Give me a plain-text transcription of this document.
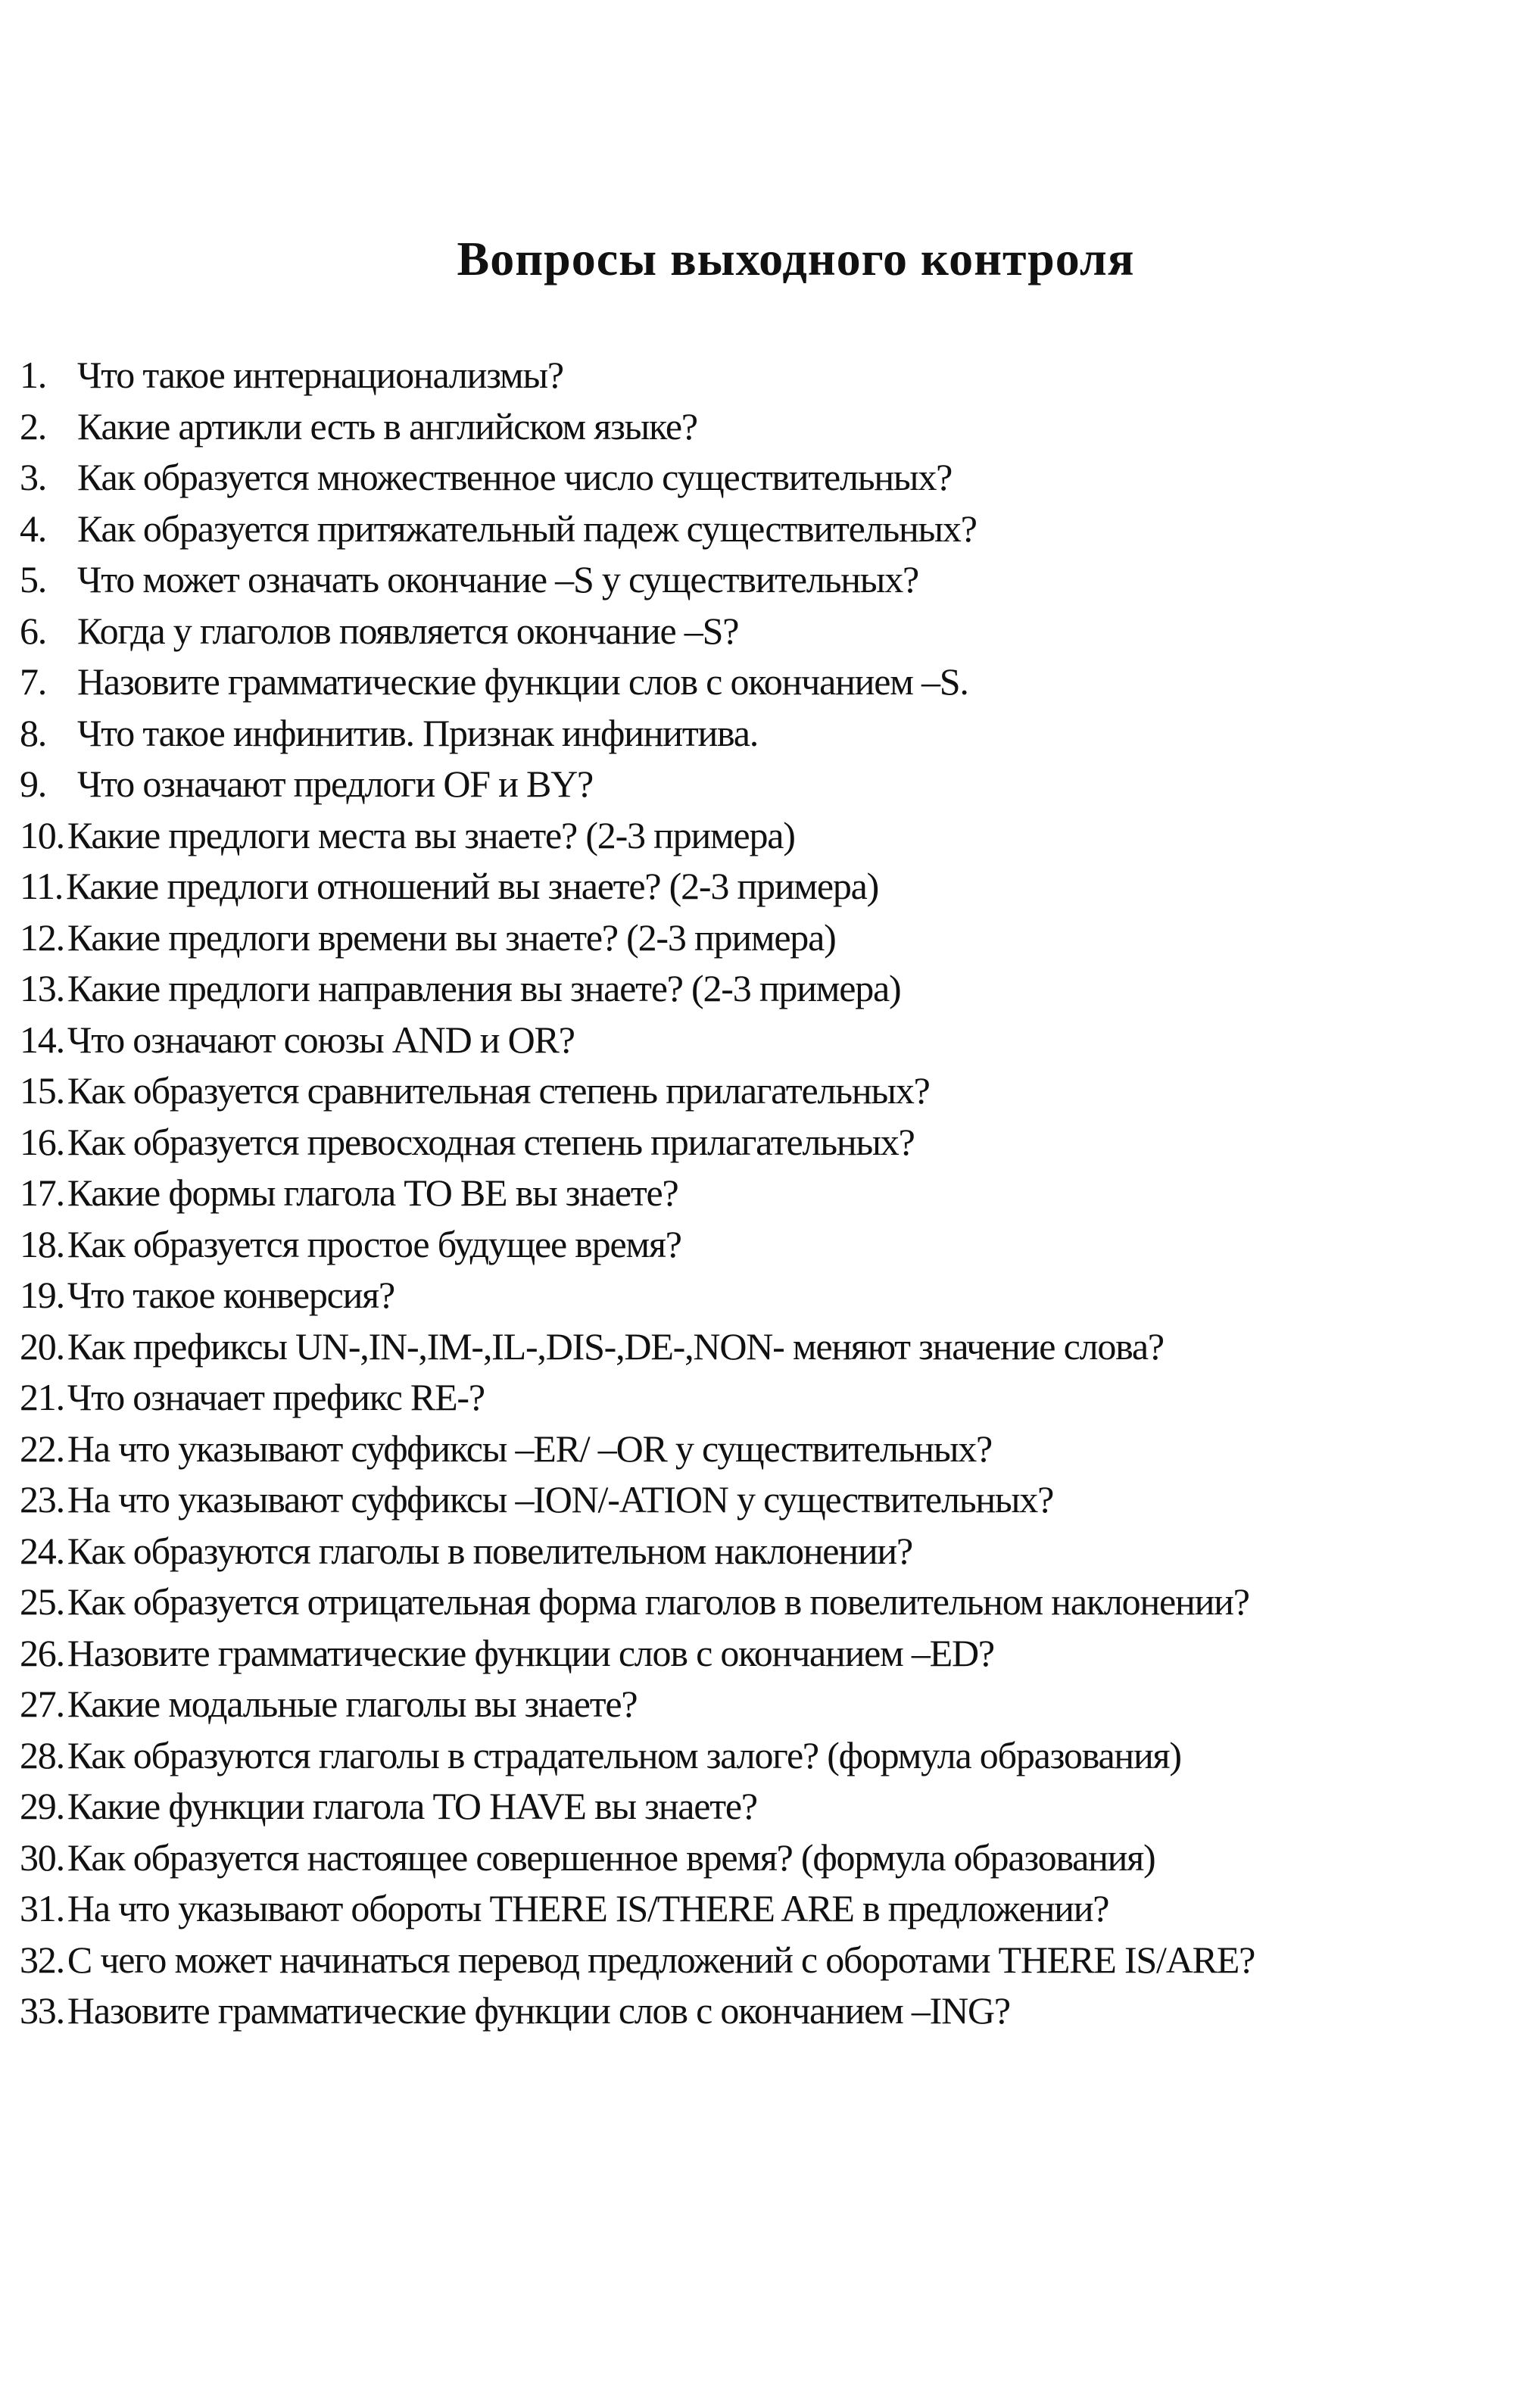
Вопросы выходного контроля
1. Что такое интернационализмы?
2. Какие артикли есть в английском языке?
3. Как образуется множественное число существительных?
4. Как образуется притяжательный падеж существительных?
5. Что может означать окончание –S у существительных?
6. Когда у глаголов появляется окончание –S?
7. Назовите грамматические функции слов с окончанием –S.
8. Что такое инфинитив. Признак инфинитива.
9. Что означают предлоги OF и BY?
10. Какие предлоги места вы знаете? (2-3 примера)
11. Какие предлоги отношений вы знаете? (2-3 примера)
12. Какие предлоги времени вы знаете? (2-3 примера)
13. Какие предлоги направления вы знаете? (2-3 примера)
14. Что означают союзы AND и OR?
15. Как образуется сравнительная степень прилагательных?
16. Как образуется превосходная степень прилагательных?
17. Какие формы глагола TO BE вы знаете?
18. Как образуется простое будущее время?
19. Что такое конверсия?
20. Как префиксы UN-,IN-,IM-,IL-,DIS-,DE-,NON- меняют значение слова?
21. Что означает префикс RE-?
22. На что указывают суффиксы –ER/ –OR у существительных?
23. На что указывают суффиксы –ION/-ATION у существительных?
24. Как образуются глаголы в повелительном наклонении?
25. Как образуется отрицательная форма глаголов в повелительном наклонении?
26. Назовите грамматические функции слов с окончанием –ED?
27. Какие модальные глаголы вы знаете?
28. Как образуются глаголы в страдательном залоге? (формула образования)
29. Какие функции глагола TO HAVE вы знаете?
30. Как образуется настоящее совершенное время? (формула образования)
31. На что указывают обороты THERE IS/THERE ARE в предложении?
32. С чего может начинаться перевод предложений с оборотами THERE IS/ARE?
33. Назовите грамматические функции слов с окончанием –ING?
